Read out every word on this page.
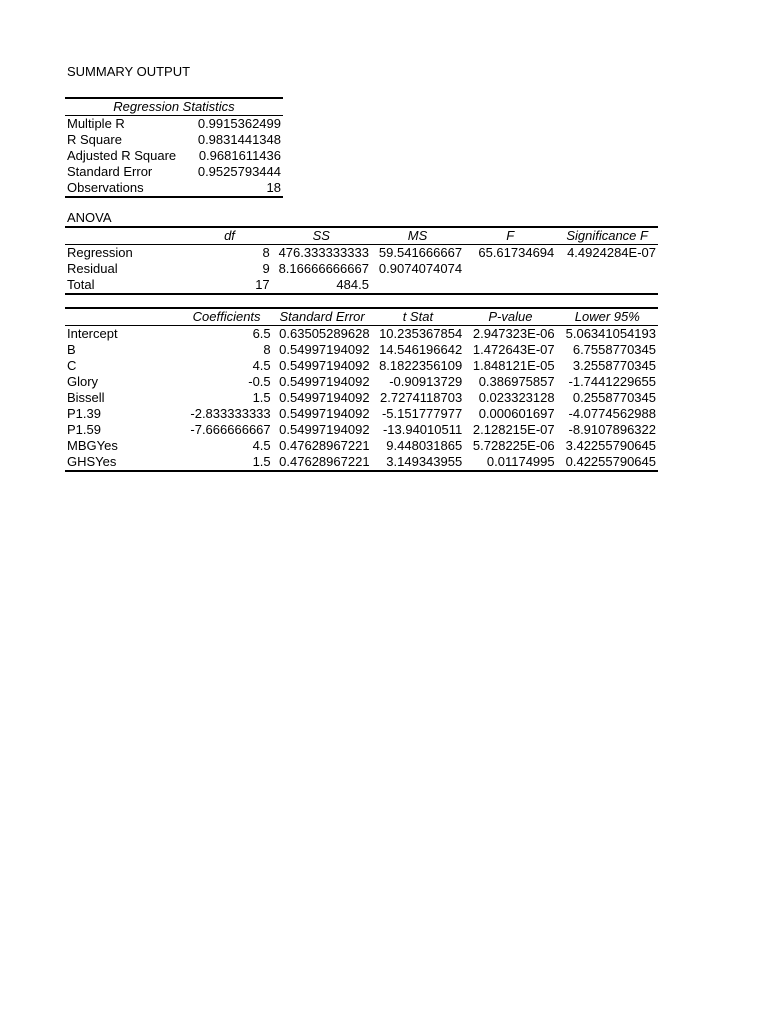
SUMMARY OUTPUT
Regression Statistics	
Multiple R	0.9915362499
R Square	0.9831441348
Adjusted R Square	0.9681611436
Standard Error	0.9525793444
Observations	18
ANOVA
	df	SS	MS	F	Significance F
Regression	8	476.333333333	59.541666667	65.61734694	4.4924284E-07
Residual	9	8.16666666667	0.9074074074		
Total	17	484.5			
	Coefficients	Standard Error	t Stat	P-value	Lower 95%
Intercept	6.5	0.63505289628	10.235367854	2.947323E-06	5.06341054193
B	8	0.54997194092	14.546196642	1.472643E-07	6.7558770345
C	4.5	0.54997194092	8.1822356109	1.848121E-05	3.2558770345
Glory	-0.5	0.54997194092	-0.90913729	0.386975857	-1.7441229655
Bissell	1.5	0.54997194092	2.7274118703	0.023323128	0.2558770345
P1.39	-2.833333333	0.54997194092	-5.151777977	0.000601697	-4.0774562988
P1.59	-7.666666667	0.54997194092	-13.94010511	2.128215E-07	-8.9107896322
MBGYes	4.5	0.47628967221	9.448031865	5.728225E-06	3.42255790645
GHSYes	1.5	0.47628967221	3.149343955	0.01174995	0.42255790645
